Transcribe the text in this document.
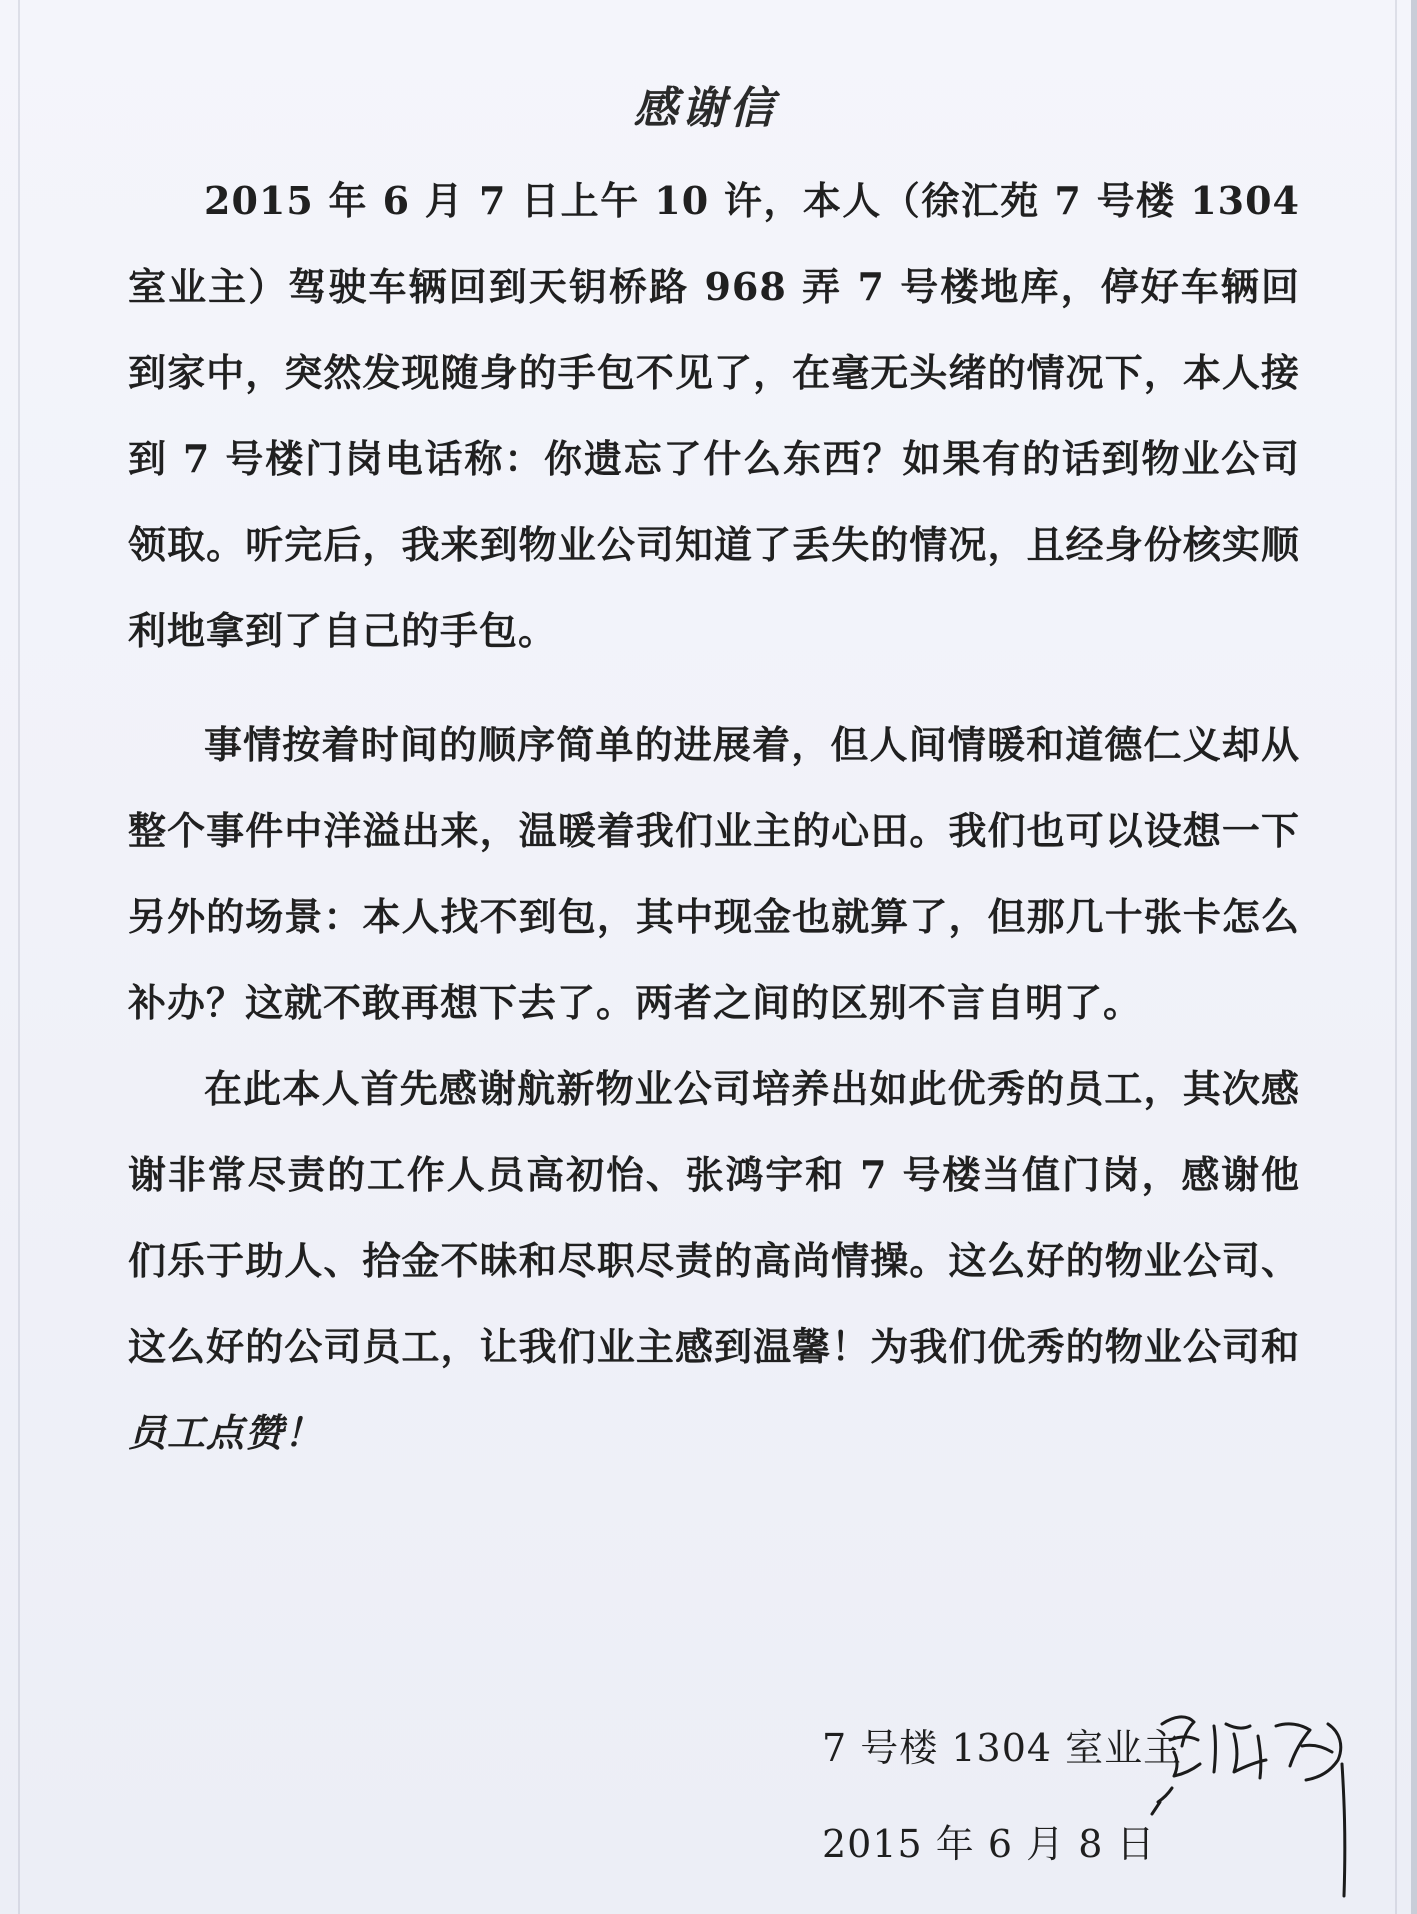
感谢信

2015 年 6 月 7 日上午 10 许，本人（徐汇苑 7 号楼 1304 室业主）驾驶车辆回到天钥桥路 968 弄 7 号楼地库，停好车辆回到家中，突然发现随身的手包不见了，在毫无头绪的情况下，本人接到 7 号楼门岗电话称：你遗忘了什么东西？如果有的话到物业公司领取。听完后，我来到物业公司知道了丢失的情况，且经身份核实顺利地拿到了自己的手包。

事情按着时间的顺序简单的进展着，但人间情暖和道德仁义却从整个事件中洋溢出来，温暖着我们业主的心田。我们也可以设想一下另外的场景：本人找不到包，其中现金也就算了，但那几十张卡怎么补办？这就不敢再想下去了。两者之间的区别不言自明了。

在此本人首先感谢航新物业公司培养出如此优秀的员工，其次感谢非常尽责的工作人员高初怡、张鸿宇和 7 号楼当值门岗，感谢他们乐于助人、拾金不昧和尽职尽责的高尚情操。这么好的物业公司、这么好的公司员工，让我们业主感到温馨！为我们优秀的物业公司和员工点赞！

7 号楼 1304 室业主
2015 年 6 月 8 日
